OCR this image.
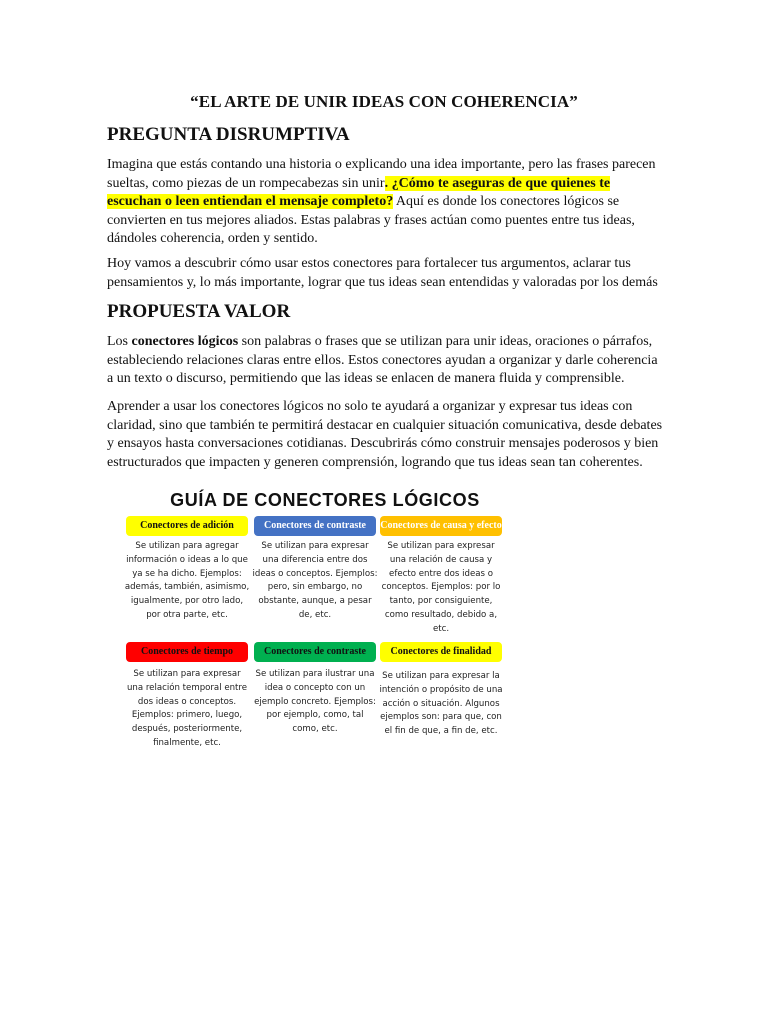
“EL ARTE DE UNIR IDEAS CON COHERENCIA”
PREGUNTA DISRUMPTIVA
Imagina que estás contando una historia o explicando una idea importante, pero las frases parecen sueltas, como piezas de un rompecabezas sin unir. ¿Cómo te aseguras de que quienes te escuchan o leen entiendan el mensaje completo? Aquí es donde los conectores lógicos se convierten en tus mejores aliados. Estas palabras y frases actúan como puentes entre tus ideas, dándoles coherencia, orden y sentido.
Hoy vamos a descubrir cómo usar estos conectores para fortalecer tus argumentos, aclarar tus pensamientos y, lo más importante, lograr que tus ideas sean entendidas y valoradas por los demás
PROPUESTA VALOR
Los conectores lógicos son palabras o frases que se utilizan para unir ideas, oraciones o párrafos, estableciendo relaciones claras entre ellos. Estos conectores ayudan a organizar y darle coherencia a un texto o discurso, permitiendo que las ideas se enlacen de manera fluida y comprensible.
Aprender a usar los conectores lógicos no solo te ayudará a organizar y expresar tus ideas con claridad, sino que también te permitirá destacar en cualquier situación comunicativa, desde debates y ensayos hasta conversaciones cotidianas. Descubrirás cómo construir mensajes poderosos y bien estructurados que impacten y generen comprensión, logrando que tus ideas sean tan coherentes.
GUÍA DE CONECTORES LÓGICOS
Conectores de adición	Conectores de contraste	Conectores de causa y efecto
Se utilizan para agregar información o ideas a lo que ya se ha dicho. Ejemplos: además, también, asimismo, igualmente, por otro lado, por otra parte, etc.
Se utilizan para expresar una diferencia entre dos ideas o conceptos. Ejemplos: pero, sin embargo, no obstante, aunque, a pesar de, etc.
Se utilizan para expresar una relación de causa y efecto entre dos ideas o conceptos. Ejemplos: por lo tanto, por consiguiente, como resultado, debido a, etc.
Conectores de tiempo	Conectores de contraste	Conectores de finalidad
Se utilizan para expresar una relación temporal entre dos ideas o conceptos. Ejemplos: primero, luego, después, posteriormente, finalmente, etc.
Se utilizan para ilustrar una idea o concepto con un ejemplo concreto. Ejemplos: por ejemplo, como, tal como, etc.
Se utilizan para expresar la intención o propósito de una acción o situación. Algunos ejemplos son: para que, con el fin de que, a fin de, etc.
